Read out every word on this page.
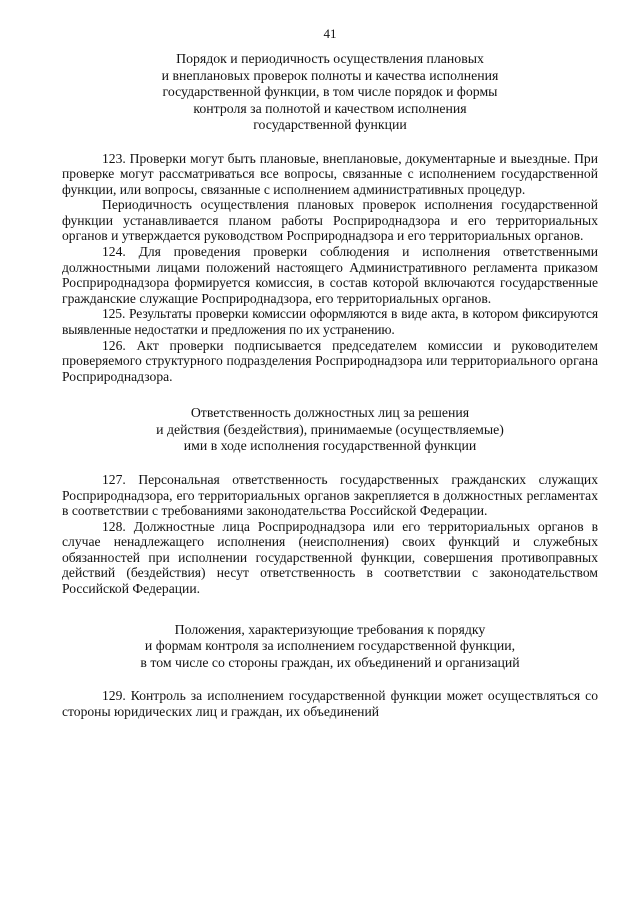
41
Порядок и периодичность осуществления плановых
и внеплановых проверок полноты и качества исполнения
государственной функции, в том числе порядок и формы
контроля за полнотой и качеством исполнения
государственной функции

123. Проверки могут быть плановые, внеплановые, документарные и выездные. При проверке могут рассматриваться все вопросы, связанные с исполнением государственной функции, или вопросы, связанные с исполнением административных процедур.

Периодичность осуществления плановых проверок исполнения государственной функции устанавливается планом работы Росприроднадзора и его территориальных органов и утверждается руководством Росприроднадзора и его территориальных органов.

124. Для проведения проверки соблюдения и исполнения ответственными должностными лицами положений настоящего Административного регламента приказом Росприроднадзора формируется комиссия, в состав которой включаются государственные гражданские служащие Росприроднадзора, его территориальных органов.

125. Результаты проверки комиссии оформляются в виде акта, в котором фиксируются выявленные недостатки и предложения по их устранению.

126. Акт проверки подписывается председателем комиссии и руководителем проверяемого структурного подразделения Росприроднадзора или территориального органа Росприроднадзора.

Ответственность должностных лиц за решения
и действия (бездействия), принимаемые (осуществляемые)
ими в ходе исполнения государственной функции

127. Персональная ответственность государственных гражданских служащих Росприроднадзора, его территориальных органов закрепляется в должностных регламентах в соответствии с требованиями законодательства Российской Федерации.

128. Должностные лица Росприроднадзора или его территориальных органов в случае ненадлежащего исполнения (неисполнения) своих функций и служебных обязанностей при исполнении государственной функции, совершения противоправных действий (бездействия) несут ответственность в соответствии с законодательством Российской Федерации.

Положения, характеризующие требования к порядку
и формам контроля за исполнением государственной функции,
в том числе со стороны граждан, их объединений и организаций

129. Контроль за исполнением государственной функции может осуществляться со стороны юридических лиц и граждан, их объединений
